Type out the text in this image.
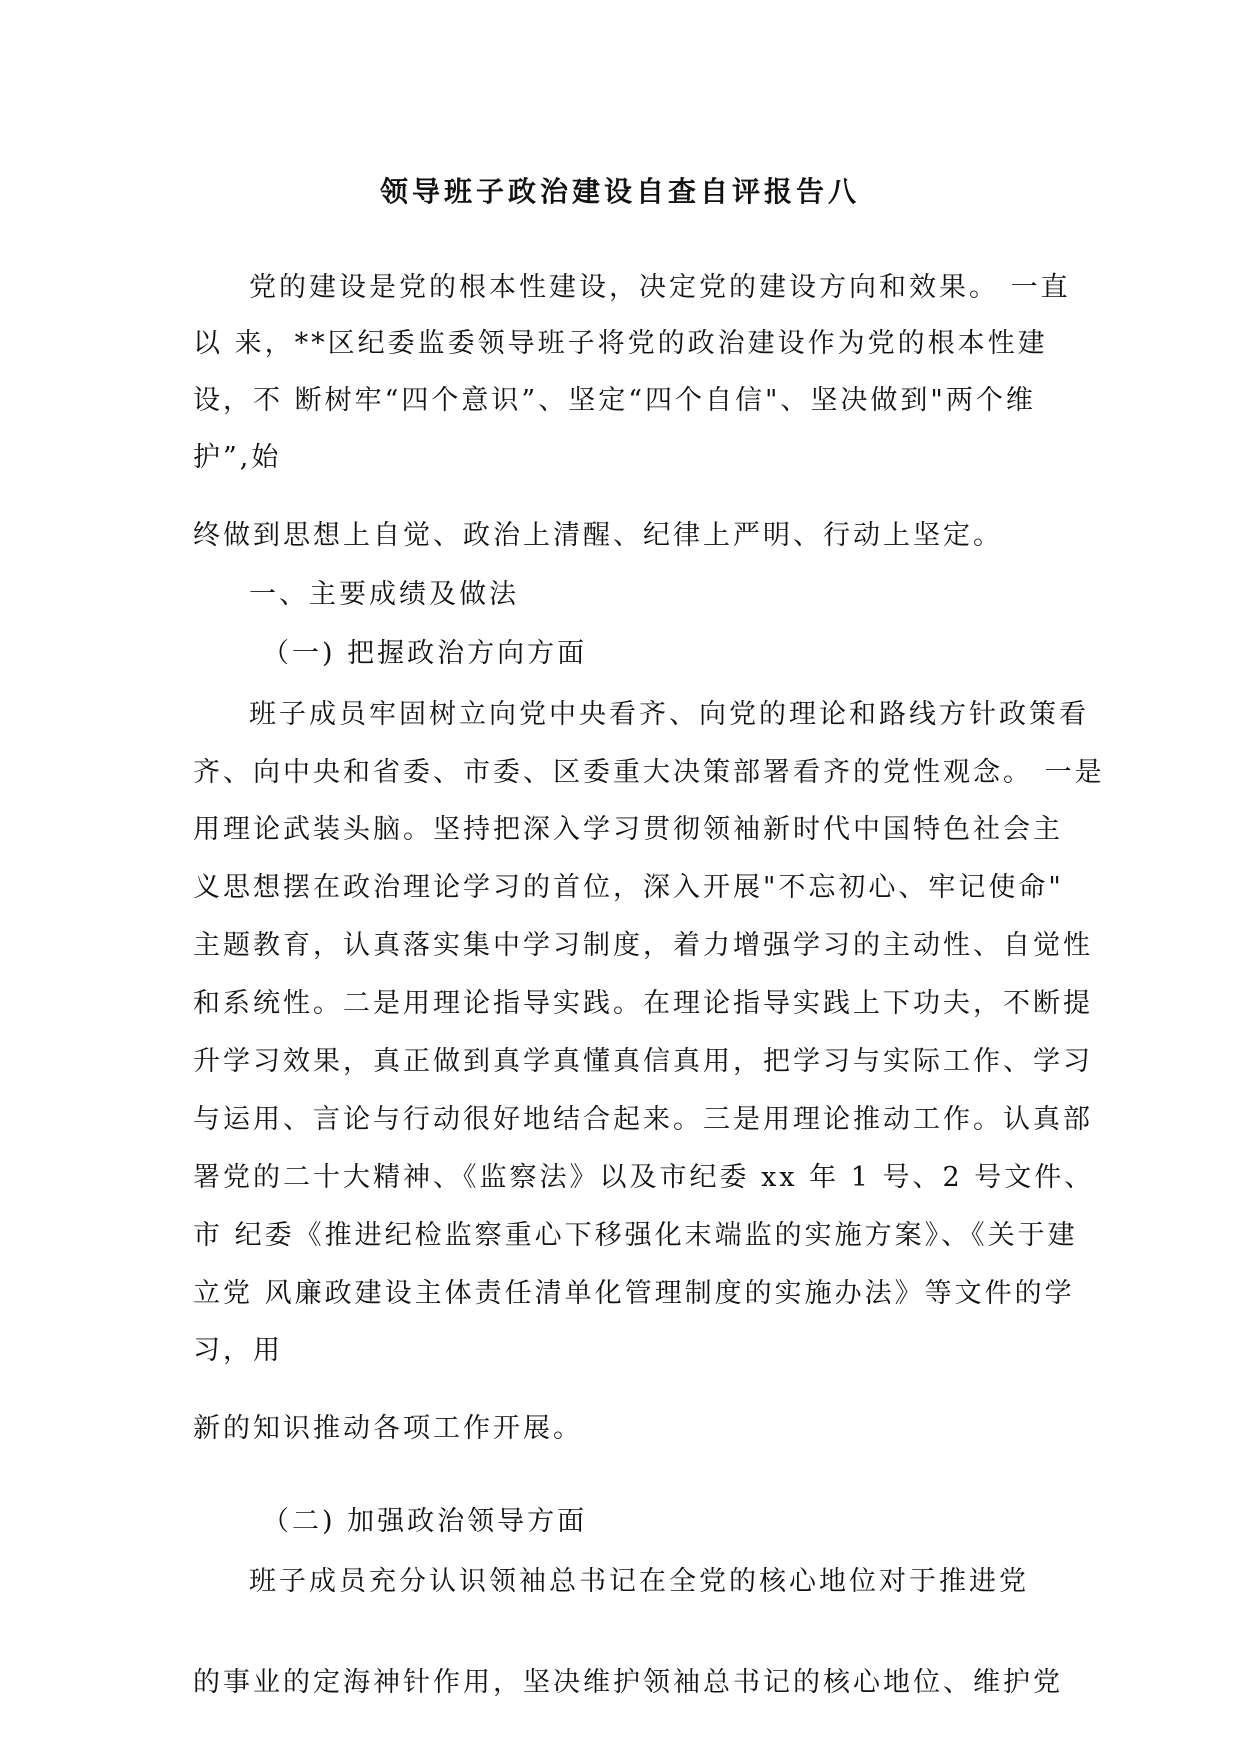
领导班子政治建设自查自评报告八
党的建设是党的根本性建设，决定党的建设方向和效果。 一直
以 来，**区纪委监委领导班子将党的政治建设作为党的根本性建
设，不 断树牢“四个意识”、坚定“四个自信"、坚决做到"两个维
护”,始
终做到思想上自觉、政治上清醒、纪律上严明、行动上坚定。
一、主要成绩及做法
（一) 把握政治方向方面
班子成员牢固树立向党中央看齐、向党的理论和路线方针政策看
齐、向中央和省委、市委、区委重大决策部署看齐的党性观念。 一是
用理论武装头脑。坚持把深入学习贯彻领袖新时代中国特色社会主
义思想摆在政治理论学习的首位，深入开展"不忘初心、牢记使命"
主题教育，认真落实集中学习制度，着力增强学习的主动性、自觉性
和系统性。二是用理论指导实践。在理论指导实践上下功夫，不断提
升学习效果，真正做到真学真懂真信真用，把学习与实际工作、学习
与运用、言论与行动很好地结合起来。三是用理论推动工作。认真部
署党的二十大精神、《监察法》以及市纪委 xx 年 1 号、2 号文件、
市 纪委《推进纪检监察重心下移强化末端监的实施方案》、《关于建
立党 风廉政建设主体责任清单化管理制度的实施办法》等文件的学
习，用
新的知识推动各项工作开展。
（二) 加强政治领导方面
班子成员充分认识领袖总书记在全党的核心地位对于推进党
的事业的定海神针作用，坚决维护领袖总书记的核心地位、维护党
